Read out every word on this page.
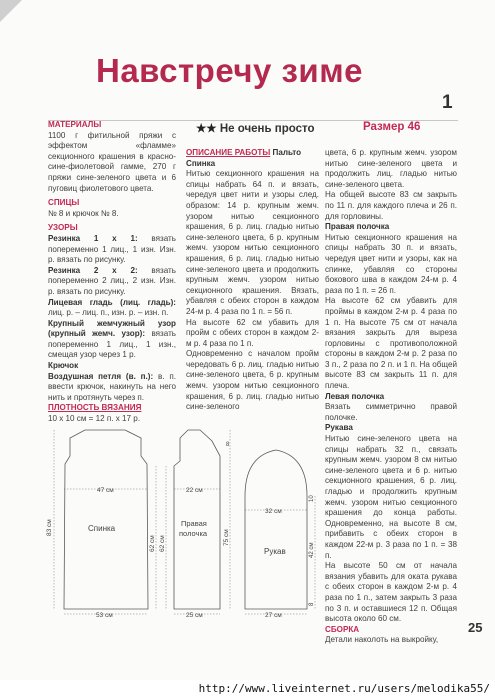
Навстречу зиме
1
★★ Не очень просто	Размер 46
МАТЕРИАЛЫ
1100 г фитильной пряжи с эффектом «фламме» секционного крашения в красно-сине-фиолетовой гамме, 270 г пряжи сине-зеленого цвета и 6 пуговиц фиолетового цвета.
СПИЦЫ
№ 8 и крючок № 8.
УЗОРЫ
Резинка 1 х 1: вязать попеременно 1 лиц., 1 изн. Изн. р. вязать по рисунку.
Резинка 2 х 2: вязать попеременно 2 лиц., 2 изн. Изн. р. вязать по рисунку.
Лицевая гладь (лиц. гладь): лиц. р. – лиц. п., изн. р. – изн. п.
Крупный жемчужный узор (крупный жемч. узор): вязать попеременно 1 лиц., 1 изн., смещая узор через 1 р.
Крючок
Воздушная петля (в. п.): в. п. ввести крючок, накинуть на него нить и протянуть через п.
ПЛОТНОСТЬ ВЯЗАНИЯ
10 х 10 см = 12 п. х 17 р.
ОПИСАНИЕ РАБОТЫ Пальто
Спинка
Нитью секционного крашения на спицы набрать 64 п. и вязать, чередуя цвет нити и узоры след. образом: 14 р. крупным жемч. узором нитью секционного крашения, 6 р. лиц. гладью нитью сине-зеленого цвета, 6 р. крупным жемч. узором нитью секционного крашения, 6 р. лиц. гладью нитью сине-зеленого цвета и продолжить крупным жемч. узором нитью секционного крашения. Вязать, убавляя с обеих сторон в каждом 24-м р. 4 раза по 1 п. = 56 п.
На высоте 62 см убавить для пройм с обеих сторон в каждом 2-м р. 4 раза по 1 п.
Одновременно с началом пройм чередовать 6 р. лиц. гладью нитью сине-зеленого цвета, 6 р. крупным жемч. узором нитью секционного крашения, 6 р. лиц. гладью нитью сине-зеленого
цвета, 6 р. крупным жемч. узором нитью сине-зеленого цвета и продолжить лиц. гладью нитью сине-зеленого цвета.
На общей высоте 83 см закрыть по 11 п. для каждого плеча и 26 п. для горловины.
Правая полочка
Нитью секционного крашения на спицы набрать 30 п. и вязать, чередуя цвет нити и узоры, как на спинке, убавляя со стороны бокового шва в каждом 24-м р. 4 раза по 1 п. = 26 п.
На высоте 62 см убавить для проймы в каждом 2-м р. 4 раза по 1 п. На высоте 75 см от начала вязания закрыть для выреза горловины с противоположной стороны в каждом 2-м р. 2 раза по 3 п., 2 раза по 2 п. и 1 п. На общей высоте 83 см закрыть 11 п. для плеча.
Левая полочка
Вязать симметрично правой полочке.
Рукава
Нитью сине-зеленого цвета на спицы набрать 32 п., связать крупным жемч. узором 8 см нитью сине-зеленого цвета и 6 р. нитью секционного крашения, 6 р. лиц. гладью и продолжить крупным жемч. узором нитью секционного крашения до конца работы. Одновременно, на высоте 8 см, прибавить с обеих сторон в каждом 22-м р. 3 раза по 1 п. = 38 п.
На высоте 50 см от начала вязания убавить для оката рукава с обеих сторон в каждом 2-м р. 4 раза по 1 п., затем закрыть 3 раза по 3 п. и оставшиеся 12 п. Общая высота около 60 см.
СБОРКА
Детали наколоть на выкройку,
47 см
Спинка
53 см
83 см
62 см
8
22 см
Правая
полочка
25 см
62 см	75 см
32 см
Рукав
27 см
10
42 см
8
25
http://www.liveinternet.ru/users/melodika55/
